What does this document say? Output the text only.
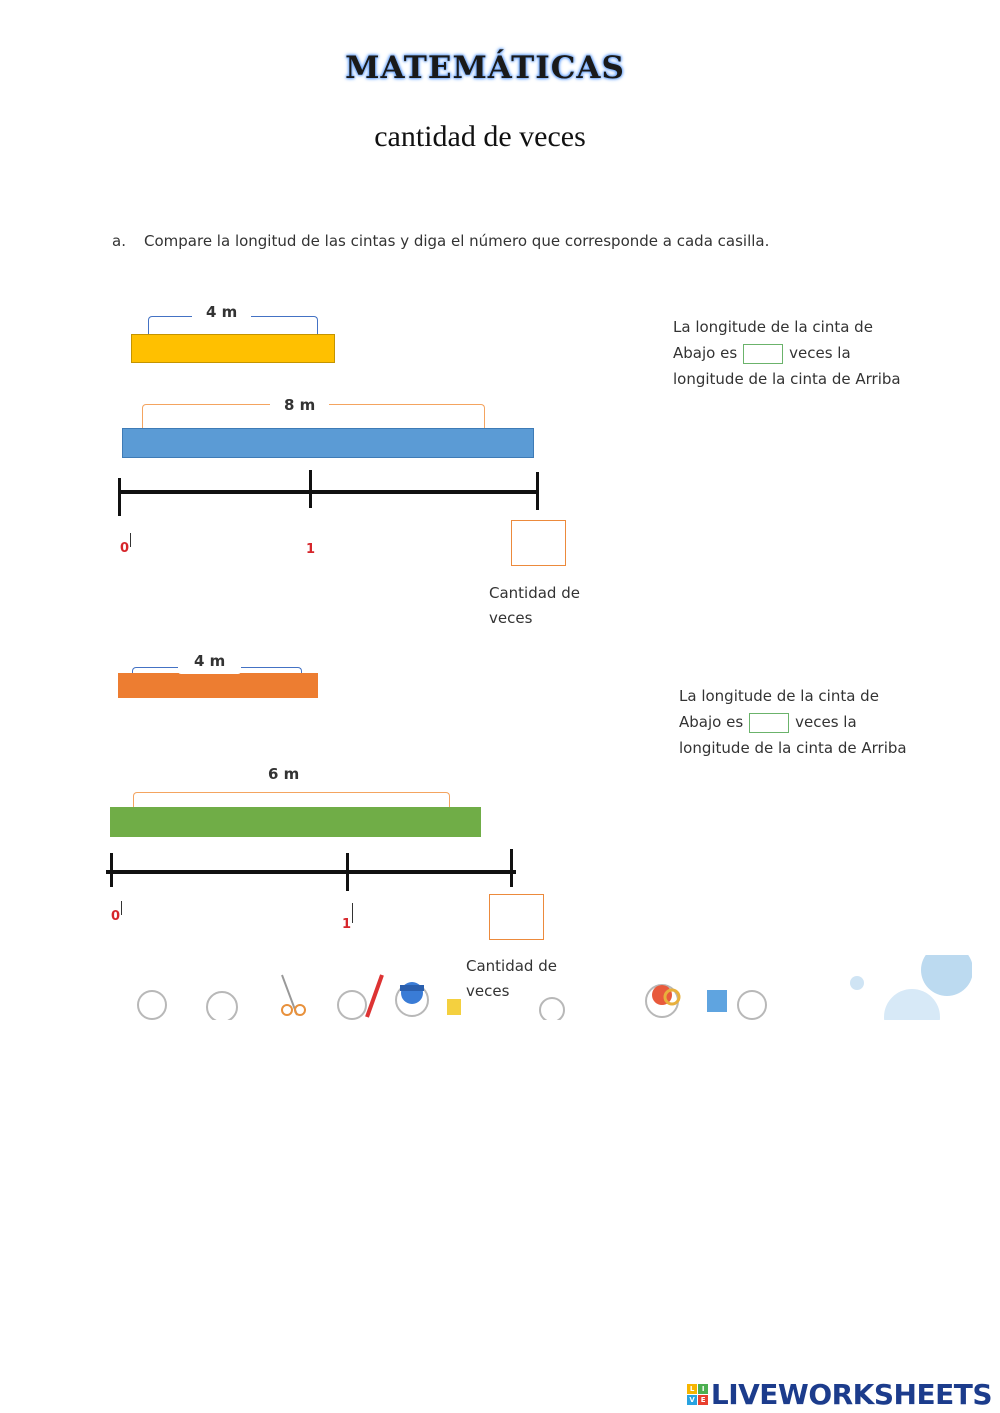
MATEMÁTICAS
cantidad de veces
a. Compare la longitud de las cintas y diga el número que corresponde a cada casilla.
4 m
8 m
0	1
Cantidad de
veces
La longitude de la cinta de
Abajo es	veces la
longitude de la cinta de Arriba
4 m
6 m
0
1
Cantidad de
veces
La longitude de la cinta de
Abajo es	veces la
longitude de la cinta de Arriba
L	I
V E LIVEWORKSHEETS
